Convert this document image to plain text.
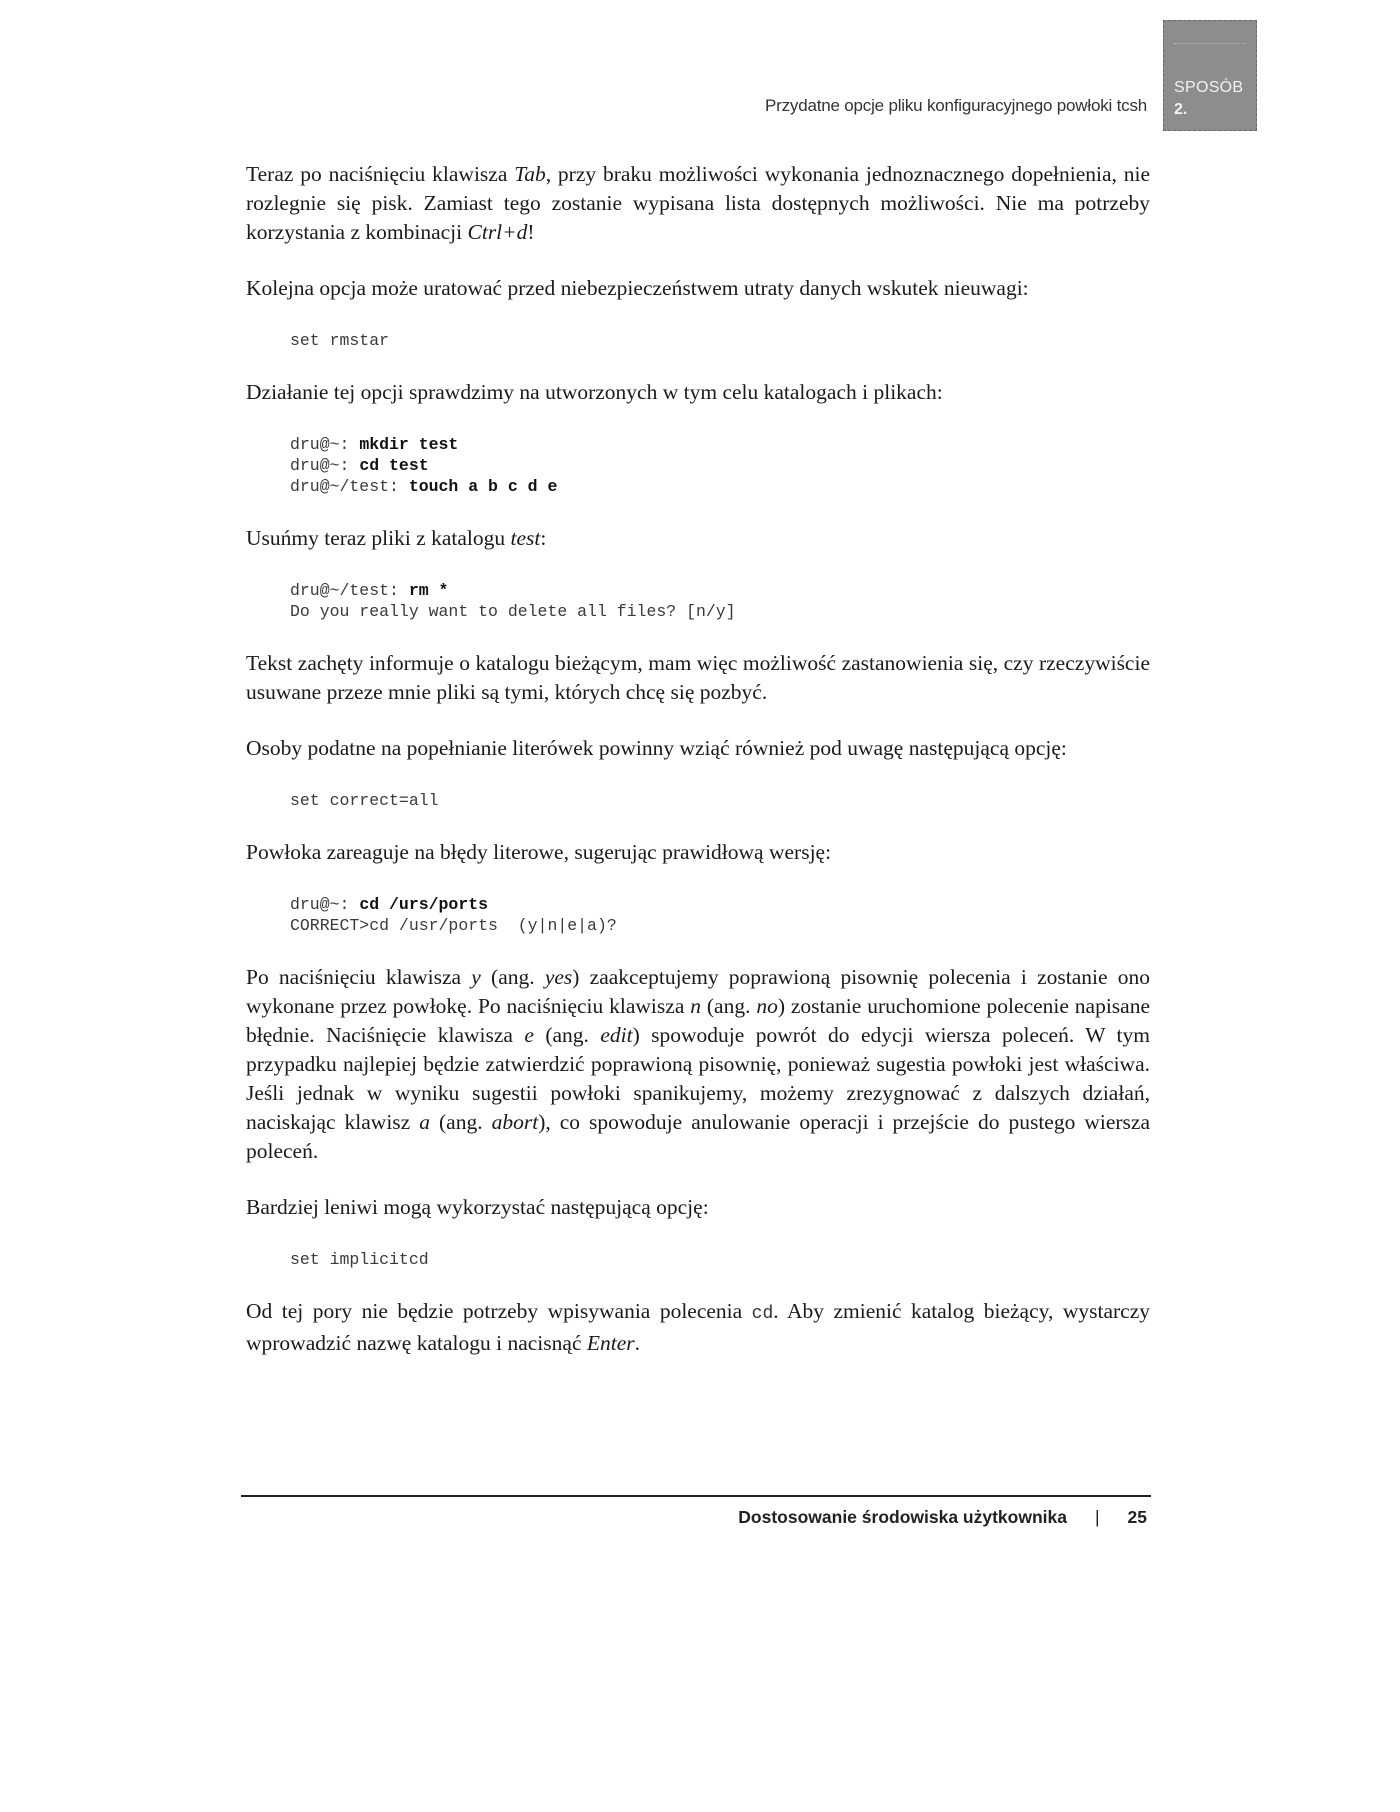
Przydatne opcje pliku konfiguracyjnego powłoki tcsh
SPOSÓB
2.

Teraz po naciśnięciu klawisza Tab, przy braku możliwości wykonania jednoznacznego dopełnienia, nie rozlegnie się pisk. Zamiast tego zostanie wypisana lista dostępnych możliwości. Nie ma potrzeby korzystania z kombinacji Ctrl+d!

Kolejna opcja może uratować przed niebezpieczeństwem utraty danych wskutek nieuwagi:

set rmstar

Działanie tej opcji sprawdzimy na utworzonych w tym celu katalogach i plikach:

dru@~: mkdir test
dru@~: cd test
dru@~/test: touch a b c d e

Usuńmy teraz pliki z katalogu test:

dru@~/test: rm *
Do you really want to delete all files? [n/y]

Tekst zachęty informuje o katalogu bieżącym, mam więc możliwość zastanowienia się, czy rzeczywiście usuwane przeze mnie pliki są tymi, których chcę się pozbyć.

Osoby podatne na popełnianie literówek powinny wziąć również pod uwagę następującą opcję:

set correct=all

Powłoka zareaguje na błędy literowe, sugerując prawidłową wersję:

dru@~: cd /urs/ports
CORRECT>cd /usr/ports  (y|n|e|a)?

Po naciśnięciu klawisza y (ang. yes) zaakceptujemy poprawioną pisownię polecenia i zostanie ono wykonane przez powłokę. Po naciśnięciu klawisza n (ang. no) zostanie uruchomione polecenie napisane błędnie. Naciśnięcie klawisza e (ang. edit) spowoduje powrót do edycji wiersza poleceń. W tym przypadku najlepiej będzie zatwierdzić poprawioną pisownię, ponieważ sugestia powłoki jest właściwa. Jeśli jednak w wyniku sugestii powłoki spanikujemy, możemy zrezygnować z dalszych działań, naciskając klawisz a (ang. abort), co spowoduje anulowanie operacji i przejście do pustego wiersza poleceń.

Bardziej leniwi mogą wykorzystać następującą opcję:

set implicitcd

Od tej pory nie będzie potrzeby wpisywania polecenia cd. Aby zmienić katalog bieżący, wystarczy wprowadzić nazwę katalogu i nacisnąć Enter.

Dostosowanie środowiska użytkownika | 25
